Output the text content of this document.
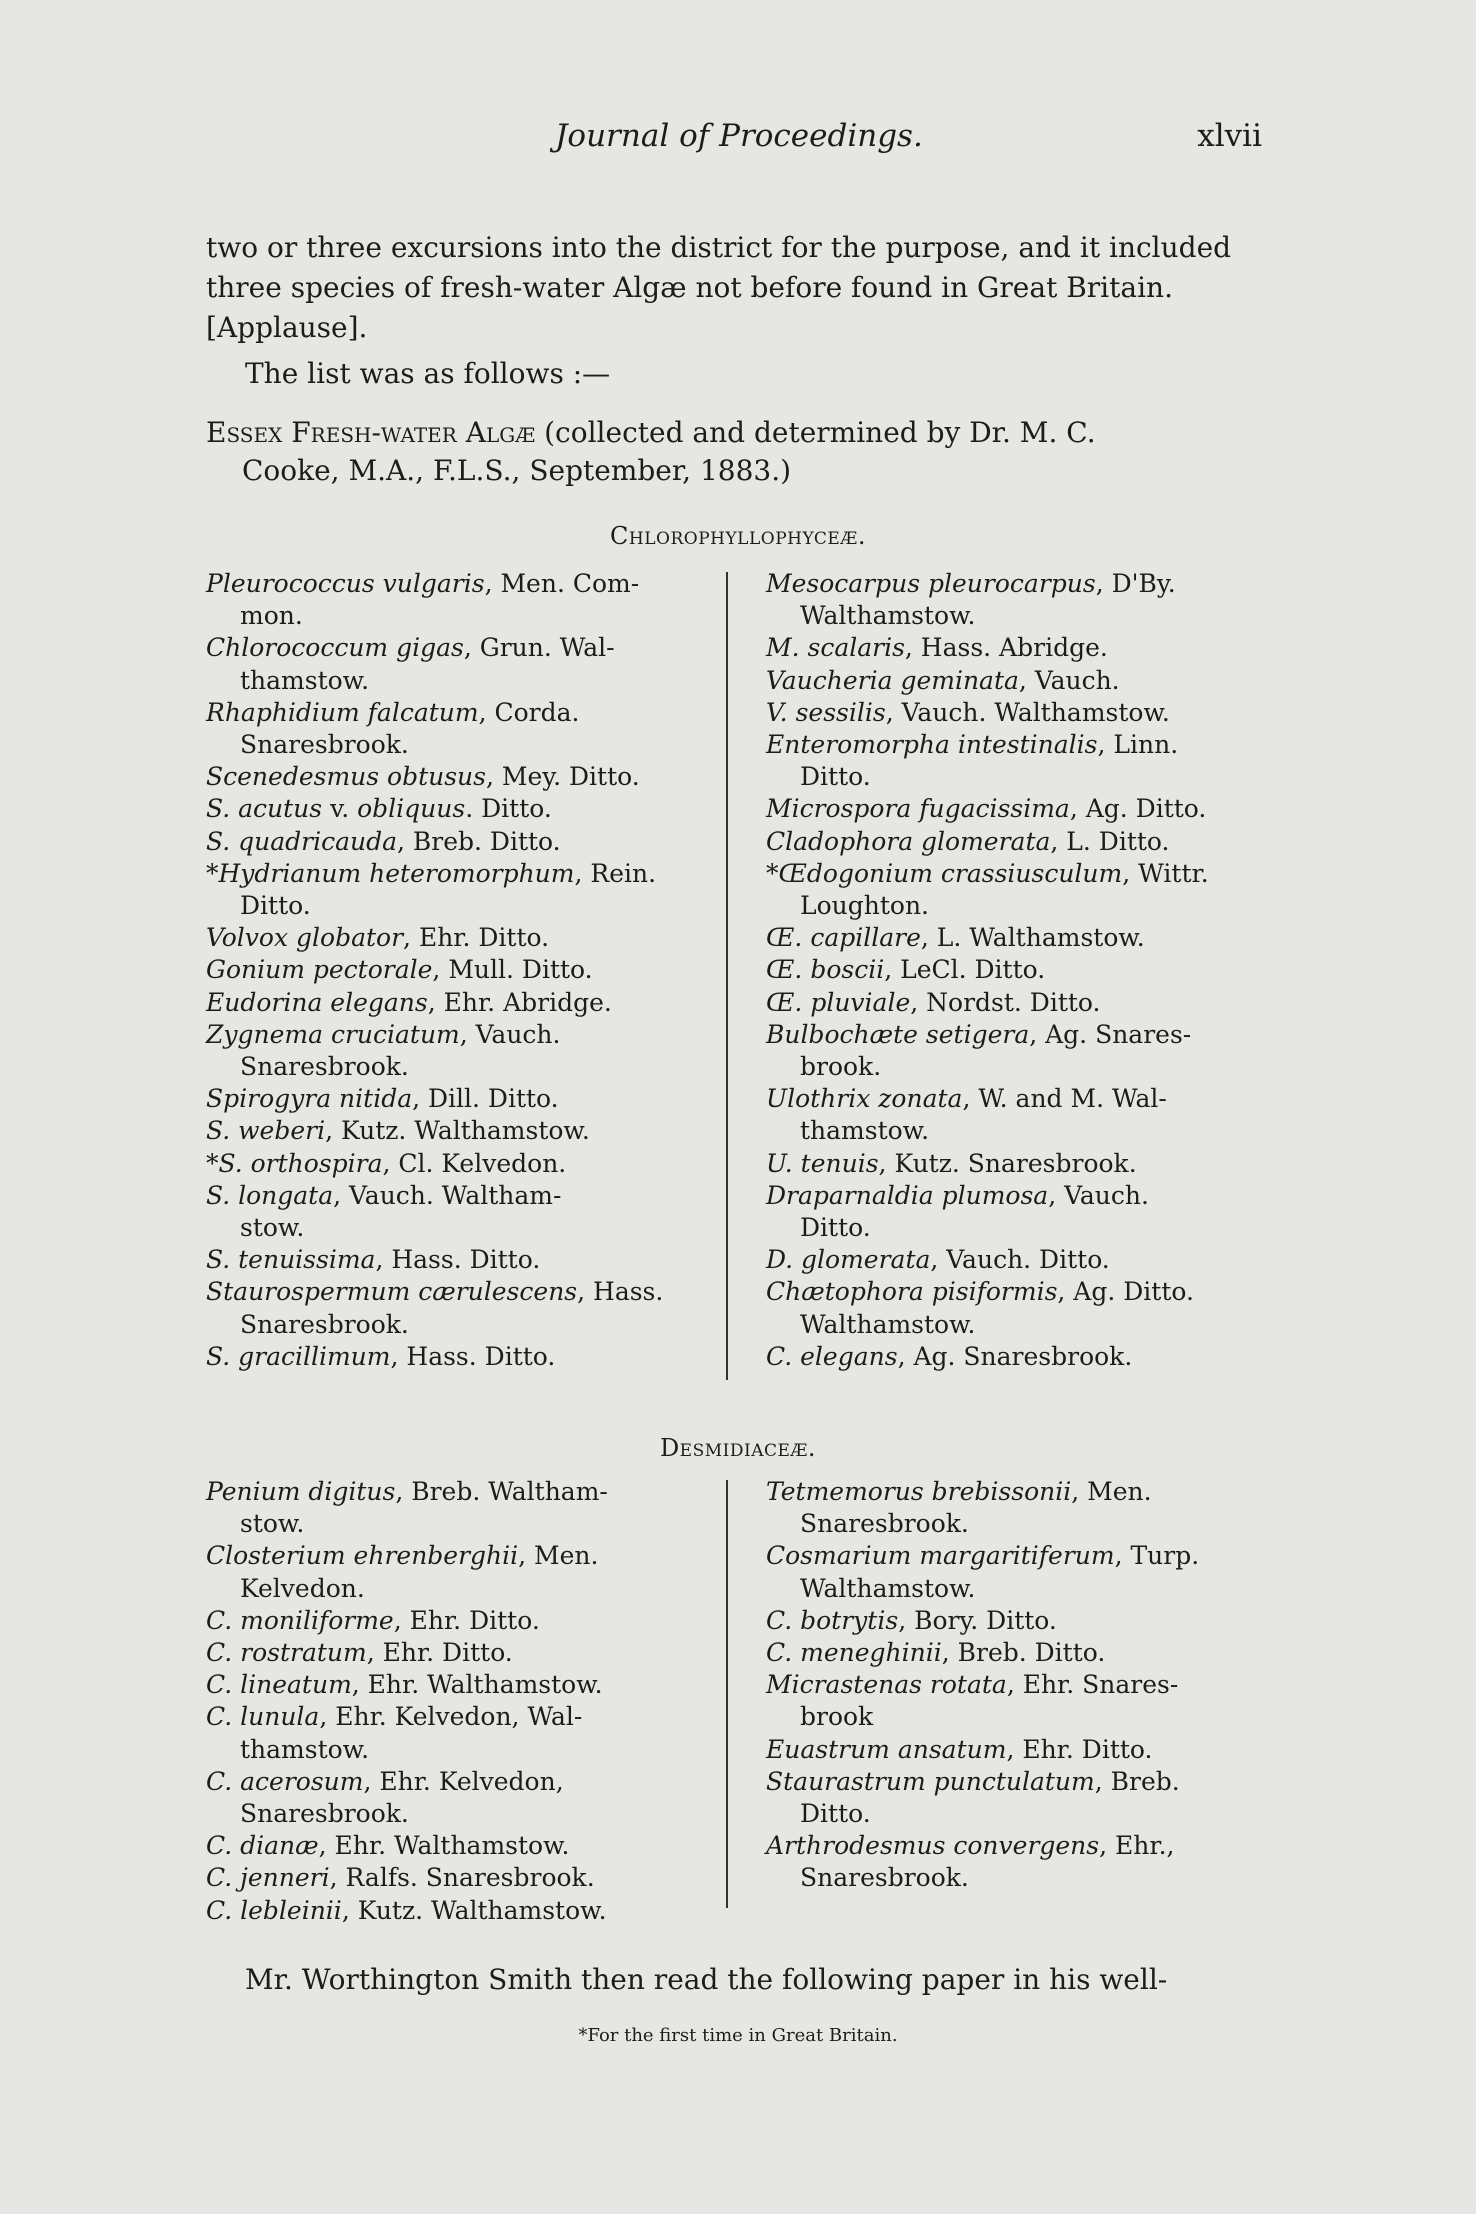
Journal of Proceedings.	xlvii

two or three excursions into the district for the purpose, and it included
three species of fresh-water Algæ not before found in Great Britain.
[Applause].

The list was as follows :—

Essex Fresh-water Algæ (collected and determined by Dr. M. C.
Cooke, M.A., F.L.S., September, 1883.)
Chlorophyllophyceæ.

Pleurococcus vulgaris, Men. Com-
mon.

Chlorococcum gigas, Grun. Wal-
thamstow.

Rhaphidium falcatum, Corda.
Snaresbrook.

Scenedesmus obtusus, Mey. Ditto.

S. acutus v. obliquus. Ditto.

S. quadricauda, Breb. Ditto.

*Hydrianum heteromorphum, Rein.
Ditto.

Volvox globator, Ehr. Ditto.

Gonium pectorale, Mull. Ditto.

Eudorina elegans, Ehr. Abridge.

Zygnema cruciatum, Vauch.
Snaresbrook.

Spirogyra nitida, Dill. Ditto.

S. weberi, Kutz. Walthamstow.

*S. orthospira, Cl. Kelvedon.

S. longata, Vauch. Waltham-
stow.

S. tenuissima, Hass. Ditto.

Staurospermum cærulescens, Hass.
Snaresbrook.

S. gracillimum, Hass. Ditto.

Mesocarpus pleurocarpus, D'By.
Walthamstow.

M. scalaris, Hass. Abridge.

Vaucheria geminata, Vauch.

V. sessilis, Vauch. Walthamstow.

Enteromorpha intestinalis, Linn.
Ditto.

Microspora fugacissima, Ag. Ditto.

Cladophora glomerata, L. Ditto.

*Œdogonium crassiusculum, Wittr.
Loughton.

Œ. capillare, L. Walthamstow.

Œ. boscii, LeCl. Ditto.

Œ. pluviale, Nordst. Ditto.

Bulbochæte setigera, Ag. Snares-
brook.

Ulothrix zonata, W. and M. Wal-
thamstow.

U. tenuis, Kutz. Snaresbrook.

Draparnaldia plumosa, Vauch.
Ditto.

D. glomerata, Vauch. Ditto.

Chætophora pisiformis, Ag. Ditto.
Walthamstow.

C. elegans, Ag. Snaresbrook.

Desmidiaceæ.

Penium digitus, Breb. Waltham-
stow.

Closterium ehrenberghii, Men.
Kelvedon.

C. moniliforme, Ehr. Ditto.

C. rostratum, Ehr. Ditto.

C. lineatum, Ehr. Walthamstow.

C. lunula, Ehr. Kelvedon, Wal-
thamstow.

C. acerosum, Ehr. Kelvedon,
Snaresbrook.

C. dianæ, Ehr. Walthamstow.

C. jenneri, Ralfs. Snaresbrook.

C. lebleinii, Kutz. Walthamstow.

Tetmemorus brebissonii, Men.
Snaresbrook.

Cosmarium margaritiferum, Turp.
Walthamstow.

C. botrytis, Bory. Ditto.

C. meneghinii, Breb. Ditto.

Micrastenas rotata, Ehr. Snares-
brook

Euastrum ansatum, Ehr. Ditto.

Staurastrum punctulatum, Breb.
Ditto.

Arthrodesmus convergens, Ehr.,
Snaresbrook.

Mr. Worthington Smith then read the following paper in his well-

*For the first time in Great Britain.
